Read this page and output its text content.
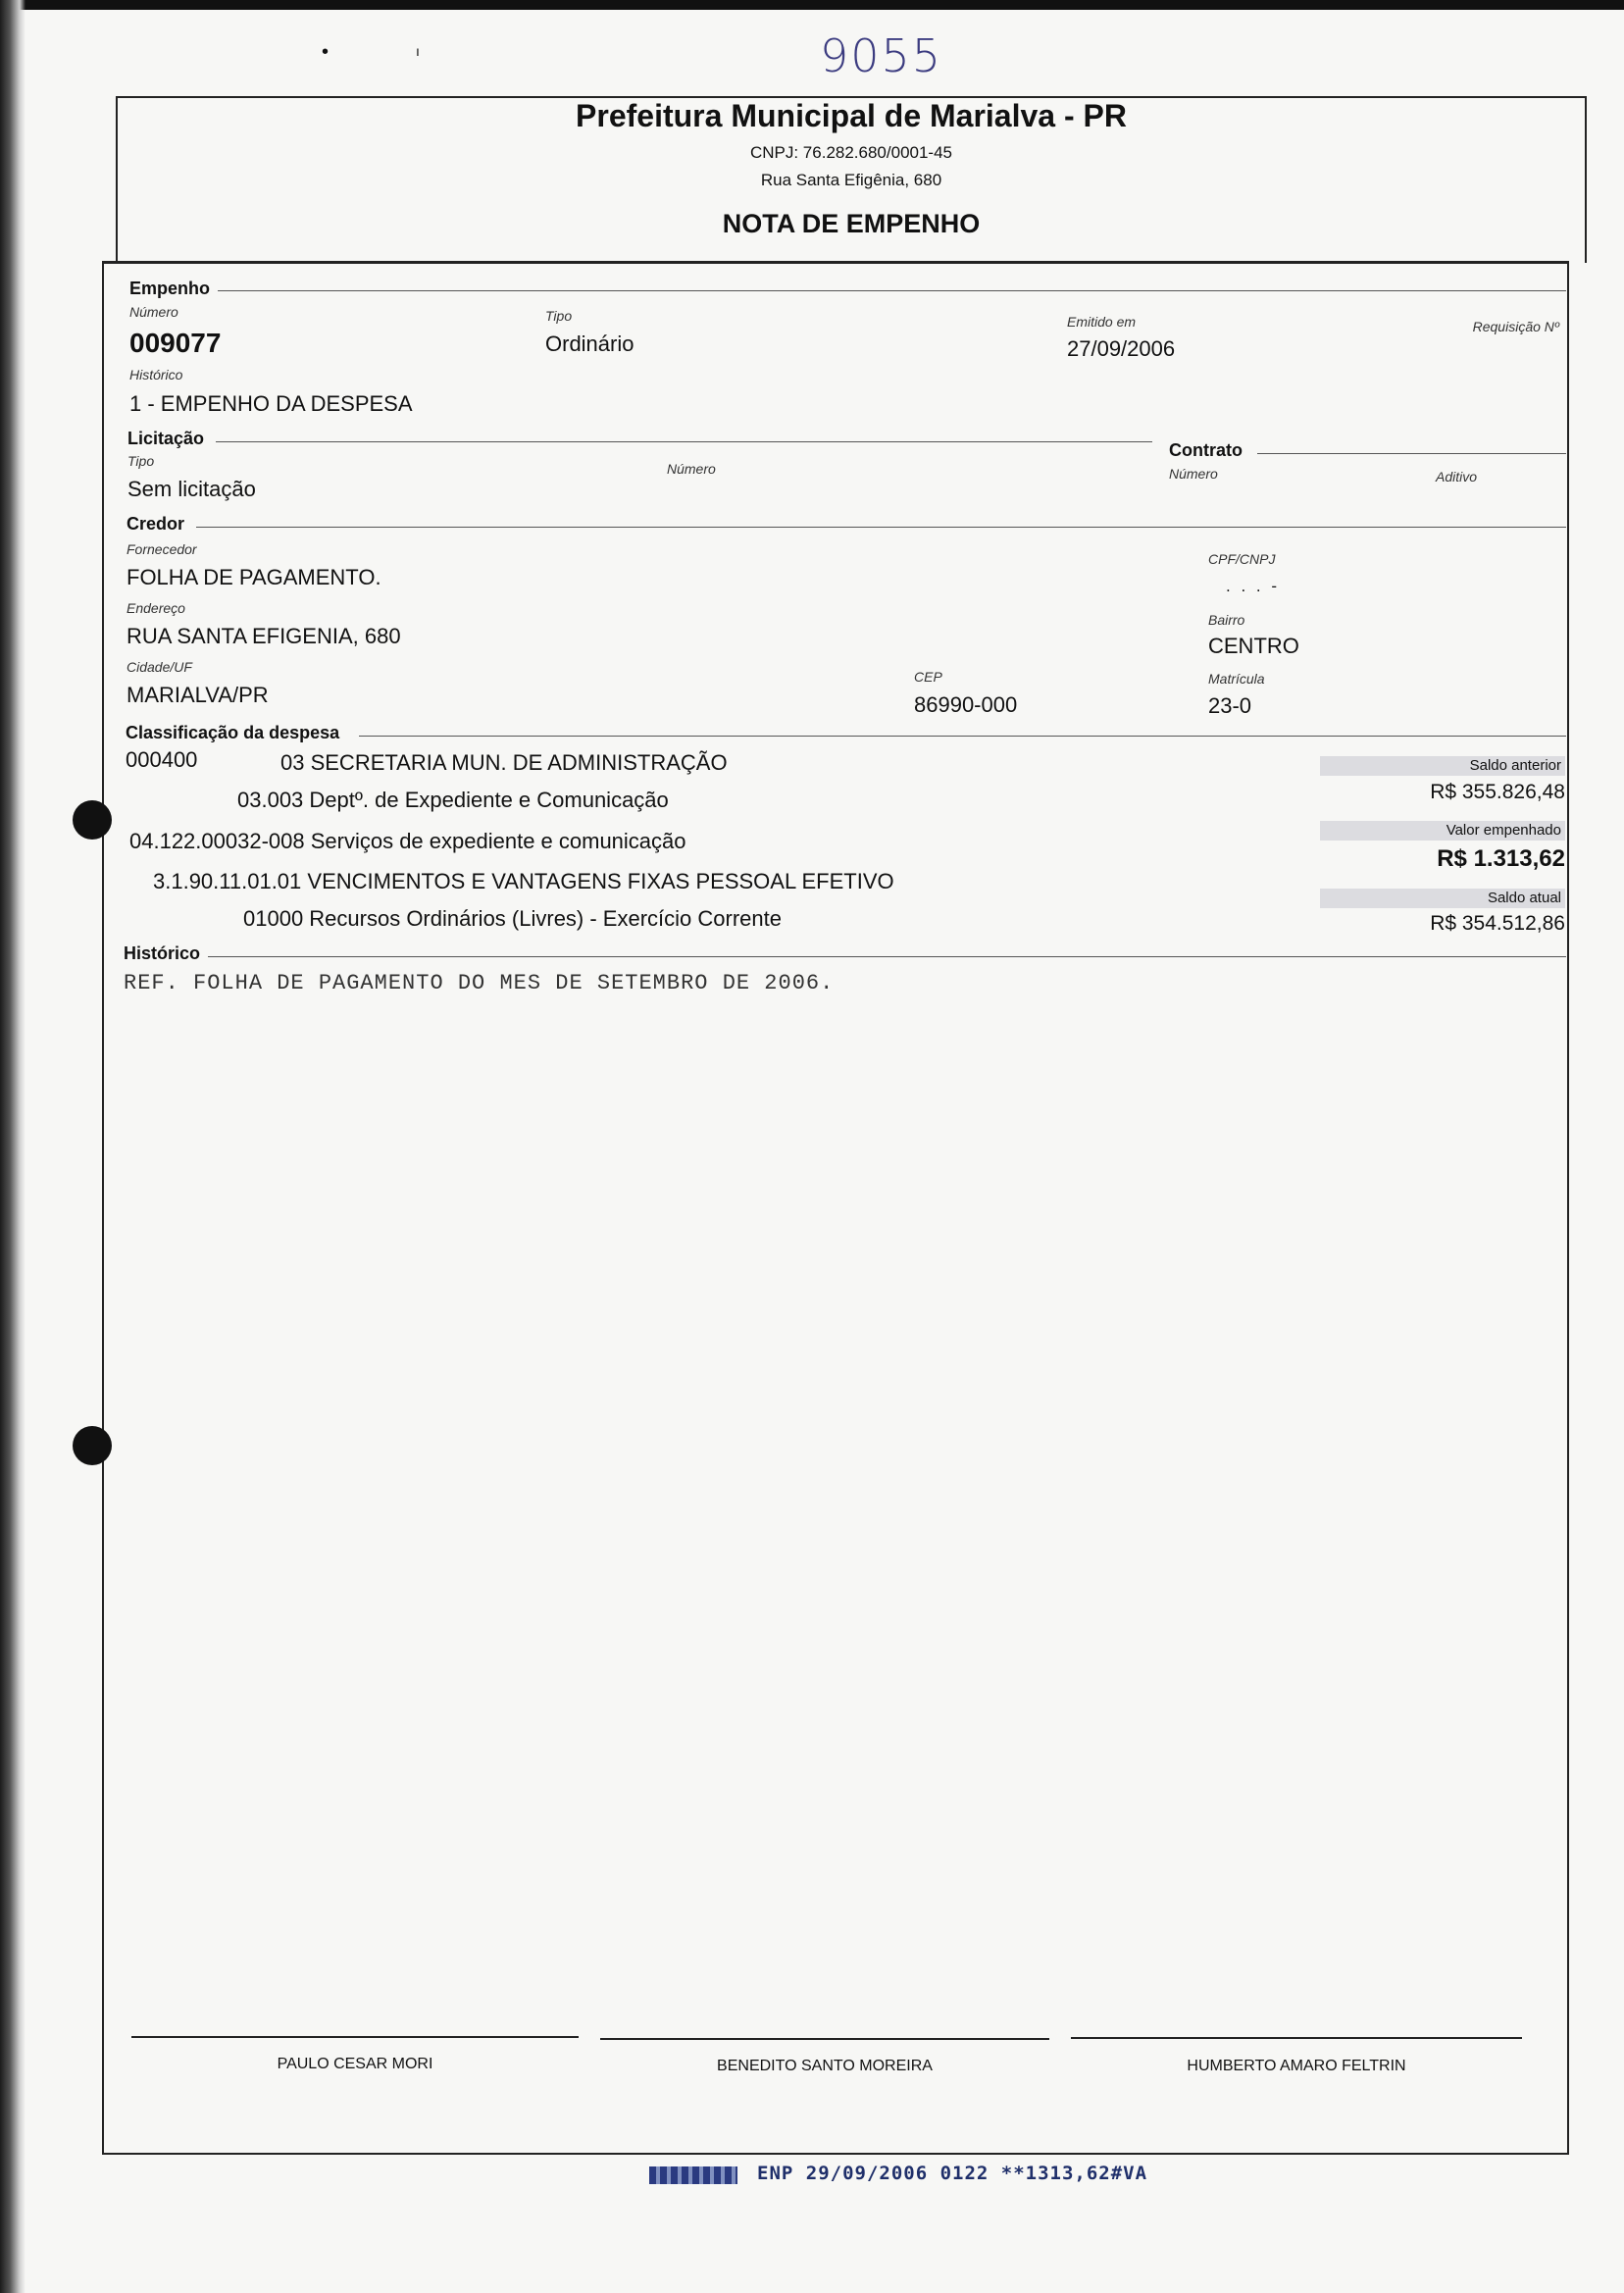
•	ı	9055
Prefeitura Municipal de Marialva - PR
CNPJ: 76.282.680/0001-45
Rua Santa Efigênia, 680
NOTA DE EMPENHO
Empenho
Número
009077
Tipo
Ordinário
Emitido em
27/09/2006
Requisição Nº
Histórico
1 - EMPENHO DA DESPESA
Licitação
Tipo
Sem licitação
Número
Contrato
Número	Aditivo
Credor
Fornecedor
FOLHA DE PAGAMENTO.
CPF/CNPJ
. . . -
Endereço
RUA SANTA EFIGENIA, 680
Bairro
CENTRO
Cidade/UF
MARIALVA/PR
CEP
86990-000
Matrícula
23-0
Classificação da despesa
000400	03 SECRETARIA MUN. DE ADMINISTRAÇÃO
03.003 Deptº. de Expediente e Comunicação
04.122.00032-008 Serviços de expediente e comunicação
3.1.90.11.01.01 VENCIMENTOS E VANTAGENS FIXAS PESSOAL EFETIVO
01000 Recursos Ordinários (Livres) - Exercício Corrente
Saldo anterior
R$ 355.826,48
Valor empenhado
R$ 1.313,62
Saldo atual
R$ 354.512,86
Histórico
REF. FOLHA DE PAGAMENTO DO MES DE SETEMBRO DE 2006.
PAULO CESAR MORI	BENEDITO SANTO MOREIRA	HUMBERTO AMARO FELTRIN
ENP 29/09/2006 0122 **1313,62#VA
